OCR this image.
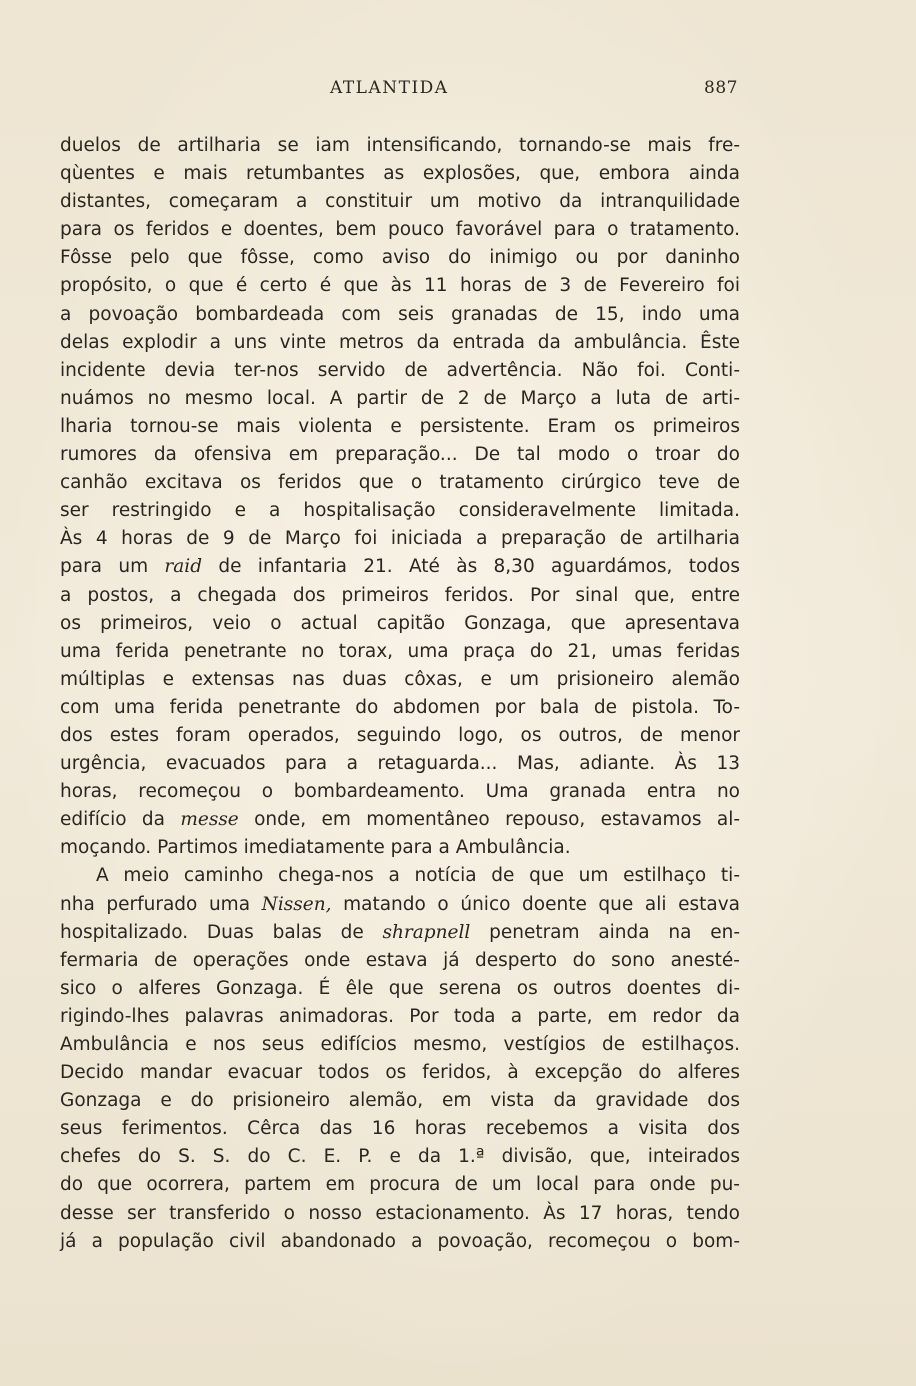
ATLANTIDA	887
duelos de artilharia se iam intensificando, tornando-se mais fre-
qùentes e mais retumbantes as explosões, que, embora ainda
distantes, começaram a constituir um motivo da intranquilidade
para os feridos e doentes, bem pouco favorável para o tratamento.
Fôsse pelo que fôsse, como aviso do inimigo ou por daninho
propósito, o que é certo é que às 11 horas de 3 de Fevereiro foi
a povoação bombardeada com seis granadas de 15, indo uma
delas explodir a uns vinte metros da entrada da ambulância. Êste
incidente devia ter-nos servido de advertência. Não foi. Conti-
nuámos no mesmo local. A partir de 2 de Março a luta de arti-
lharia tornou-se mais violenta e persistente. Eram os primeiros
rumores da ofensiva em preparação... De tal modo o troar do
canhão excitava os feridos que o tratamento cirúrgico teve de
ser restringido e a hospitalisação consideravelmente limitada.
Às 4 horas de 9 de Março foi iniciada a preparação de artilharia
para um raid de infantaria 21. Até às 8,30 aguardámos, todos
a postos, a chegada dos primeiros feridos. Por sinal que, entre
os primeiros, veio o actual capitão Gonzaga, que apresentava
uma ferida penetrante no torax, uma praça do 21, umas feridas
múltiplas e extensas nas duas côxas, e um prisioneiro alemão
com uma ferida penetrante do abdomen por bala de pistola. To-
dos estes foram operados, seguindo logo, os outros, de menor
urgência, evacuados para a retaguarda... Mas, adiante. Às 13
horas, recomeçou o bombardeamento. Uma granada entra no
edifício da messe onde, em momentâneo repouso, estavamos al-
moçando. Partimos imediatamente para a Ambulância.
A meio caminho chega-nos a notícia de que um estilhaço ti-
nha perfurado uma Nissen, matando o único doente que ali estava
hospitalizado. Duas balas de shrapnell penetram ainda na en-
fermaria de operações onde estava já desperto do sono anesté-
sico o alferes Gonzaga. É êle que serena os outros doentes di-
rigindo-lhes palavras animadoras. Por toda a parte, em redor da
Ambulância e nos seus edifícios mesmo, vestígios de estilhaços.
Decido mandar evacuar todos os feridos, à excepção do alferes
Gonzaga e do prisioneiro alemão, em vista da gravidade dos
seus ferimentos. Cêrca das 16 horas recebemos a visita dos
chefes do S. S. do C. E. P. e da 1.ª divisão, que, inteirados
do que ocorrera, partem em procura de um local para onde pu-
desse ser transferido o nosso estacionamento. Às 17 horas, tendo
já a população civil abandonado a povoação, recomeçou o bom-
